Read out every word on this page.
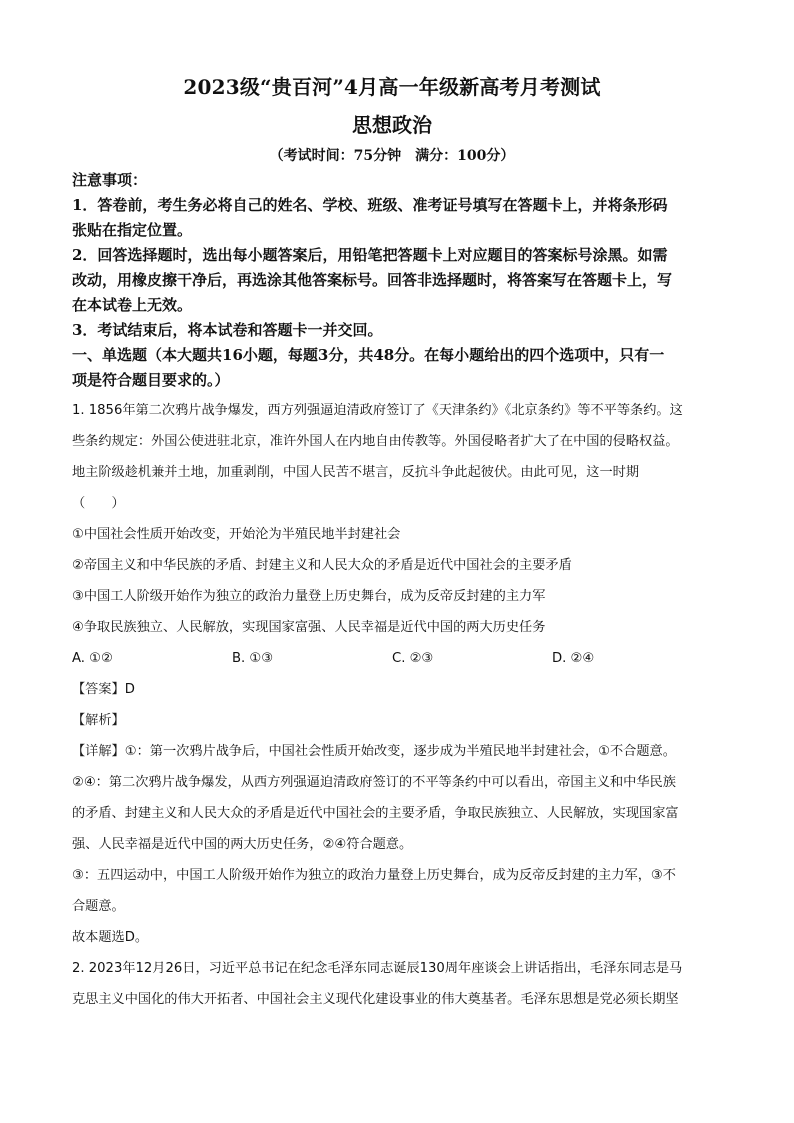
2023级“贵百河”4月高一年级新高考月考测试
思想政治
（考试时间：75分钟　满分：100分）

注意事项：

1．答卷前，考生务必将自己的姓名、学校、班级、准考证号填写在答题卡上，并将条形码

张贴在指定位置。

2．回答选择题时，选出每小题答案后，用铅笔把答题卡上对应题目的答案标号涂黑。如需

改动，用橡皮擦干净后，再选涂其他答案标号。回答非选择题时，将答案写在答题卡上，写

在本试卷上无效。

3．考试结束后，将本试卷和答题卡一并交回。

一、单选题（本大题共16小题，每题3分，共48分。在每小题给出的四个选项中，只有一

项是符合题目要求的。）

1. 1856年第二次鸦片战争爆发，西方列强逼迫清政府签订了《天津条约》《北京条约》等不平等条约。这

些条约规定：外国公使进驻北京，准许外国人在内地自由传教等。外国侵略者扩大了在中国的侵略权益。

地主阶级趁机兼并土地，加重剥削，中国人民苦不堪言，反抗斗争此起彼伏。由此可见，这一时期

（　　）

①中国社会性质开始改变，开始沦为半殖民地半封建社会

②帝国主义和中华民族的矛盾、封建主义和人民大众的矛盾是近代中国社会的主要矛盾

③中国工人阶级开始作为独立的政治力量登上历史舞台，成为反帝反封建的主力军

④争取民族独立、人民解放，实现国家富强、人民幸福是近代中国的两大历史任务

A. ①②	B. ①③	C. ②③	D. ②④

【答案】D

【解析】

【详解】①：第一次鸦片战争后，中国社会性质开始改变，逐步成为半殖民地半封建社会，①不合题意。

②④：第二次鸦片战争爆发，从西方列强逼迫清政府签订的不平等条约中可以看出，帝国主义和中华民族

的矛盾、封建主义和人民大众的矛盾是近代中国社会的主要矛盾，争取民族独立、人民解放，实现国家富

强、人民幸福是近代中国的两大历史任务，②④符合题意。

③：五四运动中，中国工人阶级开始作为独立的政治力量登上历史舞台，成为反帝反封建的主力军，③不

合题意。

故本题选D。

2. 2023年12月26日，习近平总书记在纪念毛泽东同志诞辰130周年座谈会上讲话指出，毛泽东同志是马

克思主义中国化的伟大开拓者、中国社会主义现代化建设事业的伟大奠基者。毛泽东思想是党必须长期坚
